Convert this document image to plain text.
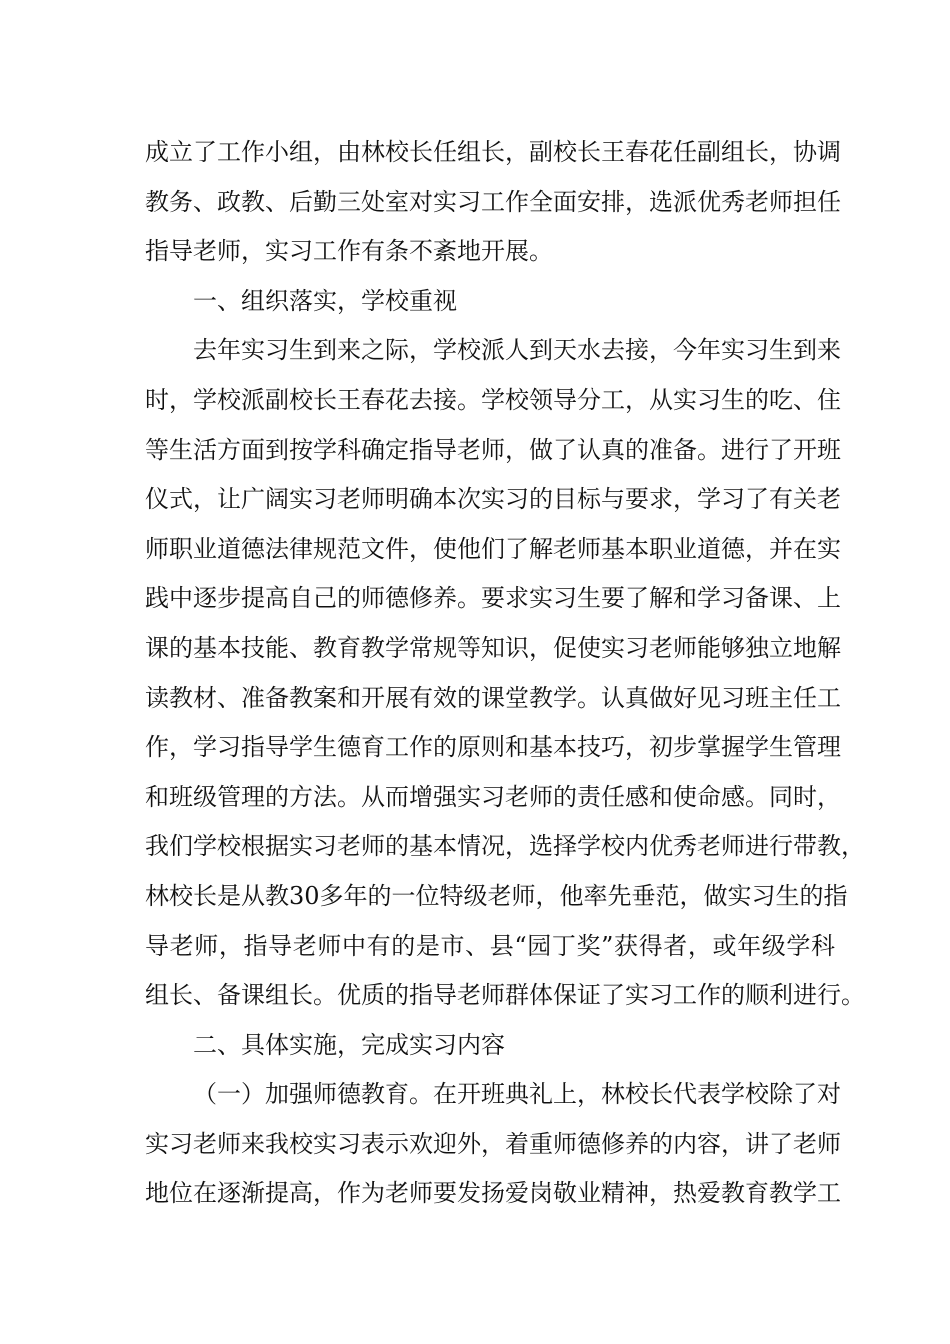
成立了工作小组，由林校长任组长，副校长王春花任副组长，协调
教务、政教、后勤三处室对实习工作全面安排，选派优秀老师担任
指导老师，实习工作有条不紊地开展。
一、组织落实，学校重视
去年实习生到来之际，学校派人到天水去接，今年实习生到来
时，学校派副校长王春花去接。学校领导分工，从实习生的吃、住
等生活方面到按学科确定指导老师，做了认真的准备。进行了开班
仪式，让广阔实习老师明确本次实习的目标与要求，学习了有关老
师职业道德法律规范文件，使他们了解老师基本职业道德，并在实
践中逐步提高自己的师德修养。要求实习生要了解和学习备课、上
课的基本技能、教育教学常规等知识，促使实习老师能够独立地解
读教材、准备教案和开展有效的课堂教学。认真做好见习班主任工
作，学习指导学生德育工作的原则和基本技巧，初步掌握学生管理
和班级管理的方法。从而增强实习老师的责任感和使命感。同时，
我们学校根据实习老师的基本情况，选择学校内优秀老师进行带教，
林校长是从教30多年的一位特级老师，他率先垂范，做实习生的指
导老师，指导老师中有的是市、县“园丁奖”获得者，或年级学科
组长、备课组长。优质的指导老师群体保证了实习工作的顺利进行。
二、具体实施，完成实习内容
（一）加强师德教育。在开班典礼上，林校长代表学校除了对
实习老师来我校实习表示欢迎外，着重师德修养的内容，讲了老师
地位在逐渐提高，作为老师要发扬爱岗敬业精神，热爱教育教学工
